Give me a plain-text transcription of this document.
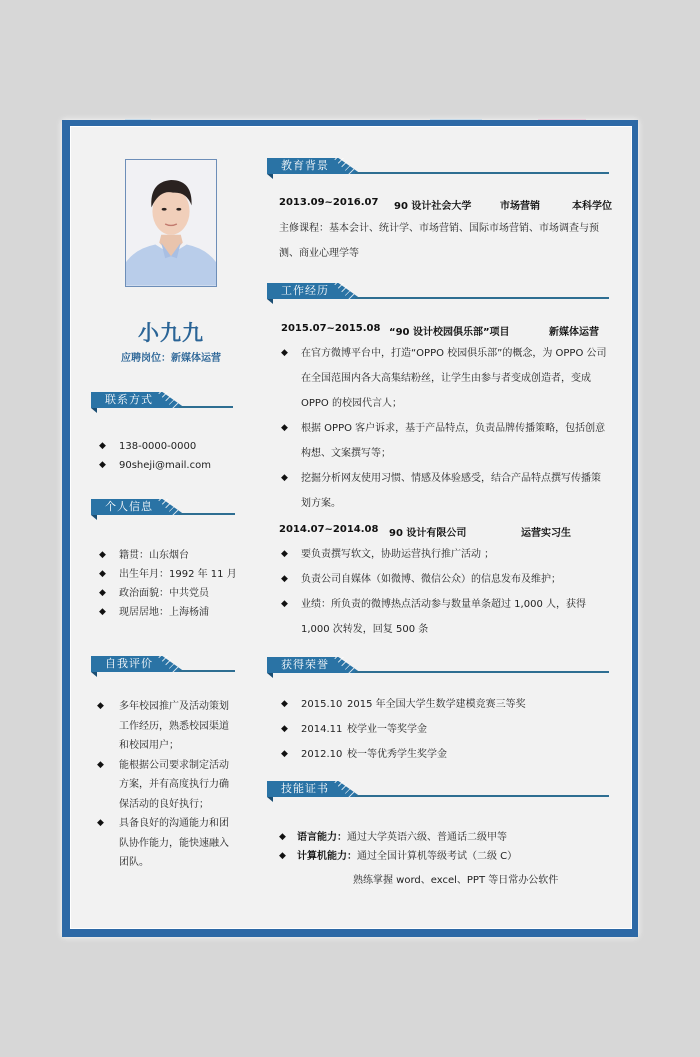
小九九
应聘岗位：新媒体运营
联系方式
◆ 138-0000-0000
◆ 90sheji@mail.com
个人信息
◆ 籍贯：山东烟台
◆ 出生年月：1992 年 11 月
◆ 政治面貌：中共党员
◆ 现居居地：上海杨浦
自我评价
◆ 多年校园推广及活动策划工作经历，熟悉校园渠道和校园用户；
◆ 能根据公司要求制定活动方案，并有高度执行力确保活动的良好执行；
◆ 具备良好的沟通能力和团队协作能力，能快速融入团队。
教育背景
2013.09~2016.07 90 设计社会大学	市场营销	本科学位
主修课程：基本会计、统计学、市场营销、国际市场营销、市场调查与预测、商业心理学等
工作经历
2015.07~2015.08 “90 设计校园俱乐部”项目	新媒体运营
◆ 在官方微博平台中，打造“OPPO 校园俱乐部”的概念，为 OPPO 公司在全国范围内各大高集结粉丝，让学生由参与者变成创造者，变成 OPPO 的校园代言人；
◆ 根据 OPPO 客户诉求，基于产品特点，负责品牌传播策略，包括创意构想、文案撰写等；
◆ 挖掘分析网友使用习惯、情感及体验感受，结合产品特点撰写传播策划方案。
2014.07~2014.08 90 设计有限公司	运营实习生
◆ 要负责撰写软文，协助运营执行推广活动 ；
◆ 负责公司自媒体（如微博、微信公众）的信息发布及维护；
◆ 业绩：所负责的微博热点活动参与数量单条超过 1,000 人，获得 1,000 次转发，回复 500 条
获得荣誉
◆ 2015.10 2015 年全国大学生数学建模竞赛三等奖
◆ 2014.11 校学业一等奖学金
◆ 2012.10 校一等优秀学生奖学金
技能证书
◆ 语言能力：通过大学英语六级、普通话二级甲等
◆ 计算机能力：通过全国计算机等级考试（二级 C）
熟练掌握 word、excel、PPT 等日常办公软件
